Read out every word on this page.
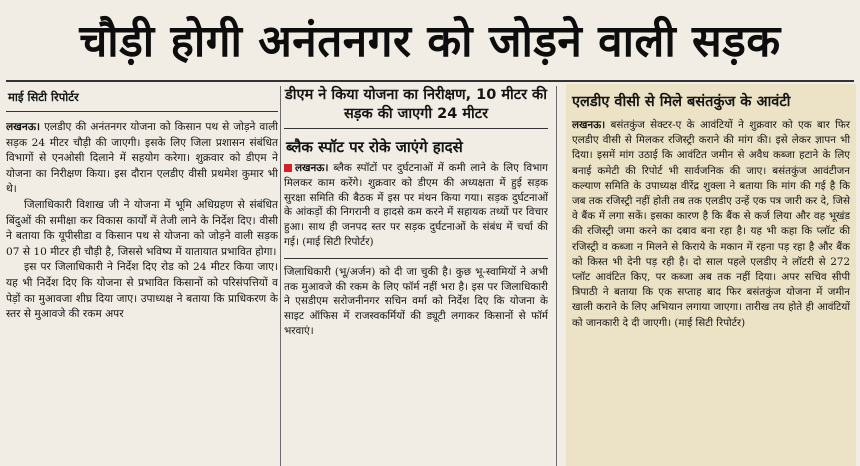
चौड़ी होगी अनंतनगर को जोड़ने वाली सड़क
माई सिटी रिपोर्टर

लखनऊ। एलडीए की अनंतनगर योजना को किसान पथ से जोड़ने वाली सड़क 24 मीटर चौड़ी की जाएगी। इसके लिए जिला प्रशासन संबंधित विभागों से एनओसी दिलाने में सहयोग करेगा। शुक्रवार को डीएम ने योजना का निरीक्षण किया। इस दौरान एलडीए वीसी प्रथमेश कुमार भी थे।

जिलाधिकारी विशाख जी ने योजना में भूमि अधिग्रहण से संबंधित बिंदुओं की समीक्षा कर विकास कार्यों में तेजी लाने के निर्देश दिए। वीसी ने बताया कि यूपीसीडा व किसान पथ से योजना को जोड़ने वाली सड़क 07 से 10 मीटर ही चौड़ी है, जिससे भविष्य में यातायात प्रभावित होगा।

इस पर जिलाधिकारी ने निर्देश दिए रोड को 24 मीटर किया जाए। यह भी निर्देश दिए कि योजना से प्रभावित किसानों को परिसंपत्तियों व पेड़ों का मुआवजा शीघ्र दिया जाए। उपाध्यक्ष ने बताया कि प्राधिकरण के स्तर से मुआवजे की रकम अपर

डीएम ने किया योजना का निरीक्षण, 10 मीटर की सड़क की जाएगी 24 मीटर
ब्लैक स्पॉट पर रोके जाएंगे हादसे

लखनऊ। ब्लैक स्पॉटों पर दुर्घटनाओं में कमी लाने के लिए विभाग मिलकर काम करेंगे। शुक्रवार को डीएम की अध्यक्षता में हुई सड़क सुरक्षा समिति की बैठक में इस पर मंथन किया गया। सड़क दुर्घटनाओं के आंकड़ों की निगरानी व हादसे कम करने में सहायक तथ्यों पर विचार हुआ। साथ ही जनपद स्तर पर सड़क दुर्घटनाओं के संबंध में चर्चा की गई। (माई सिटी रिपोर्टर)

जिलाधिकारी (भू/अर्जन) को दी जा चुकी है। कुछ भू-स्वामियों ने अभी तक मुआवजे की रकम के लिए फॉर्म नहीं भरा है। इस पर जिलाधिकारी ने एसडीएम सरोजनीनगर सचिन वर्मा को निर्देश दिए कि योजना के साइट ऑफिस में राजस्वकर्मियों की ड्यूटी लगाकर किसानों से फॉर्म भरवाएं।

एलडीए वीसी से मिले बसंतकुंज के आवंटी

लखनऊ। बसंतकुंज सेक्टर-ए के आवंटियों ने शुक्रवार को एक बार फिर एलडीए वीसी से मिलकर रजिस्ट्री कराने की मांग की। इसे लेकर ज्ञापन भी दिया। इसमें मांग उठाई कि आवंटित जमीन से अवैध कब्जा हटाने के लिए बनाई कमेटी की रिपोर्ट भी सार्वजनिक की जाए। बसंतकुंज आवंटीजन कल्याण समिति के उपाध्यक्ष वीरेंद्र शुक्ला ने बताया कि मांग की गई है कि जब तक रजिस्ट्री नहीं होती तब तक एलडीए उन्हें एक पत्र जारी कर दे, जिसे वे बैंक में लगा सकें। इसका कारण है कि बैंक से कर्ज लिया और वह भूखंड की रजिस्ट्री जमा करने का दबाव बना रहा है। यह भी कहा कि प्लॉट की रजिस्ट्री व कब्जा न मिलने से किराये के मकान में रहना पड़ रहा है और बैंक को किस्त भी देनी पड़ रही है। दो साल पहले एलडीए ने लॉटरी से 272 प्लॉट आवंटित किए, पर कब्जा अब तक नहीं दिया। अपर सचिव सीपी त्रिपाठी ने बताया कि एक सप्ताह बाद फिर बसंतकुंज योजना में जमीन खाली कराने के लिए अभियान लगाया जाएगा। तारीख तय होते ही आवंटियों को जानकारी दे दी जाएगी। (माई सिटी रिपोर्टर)
